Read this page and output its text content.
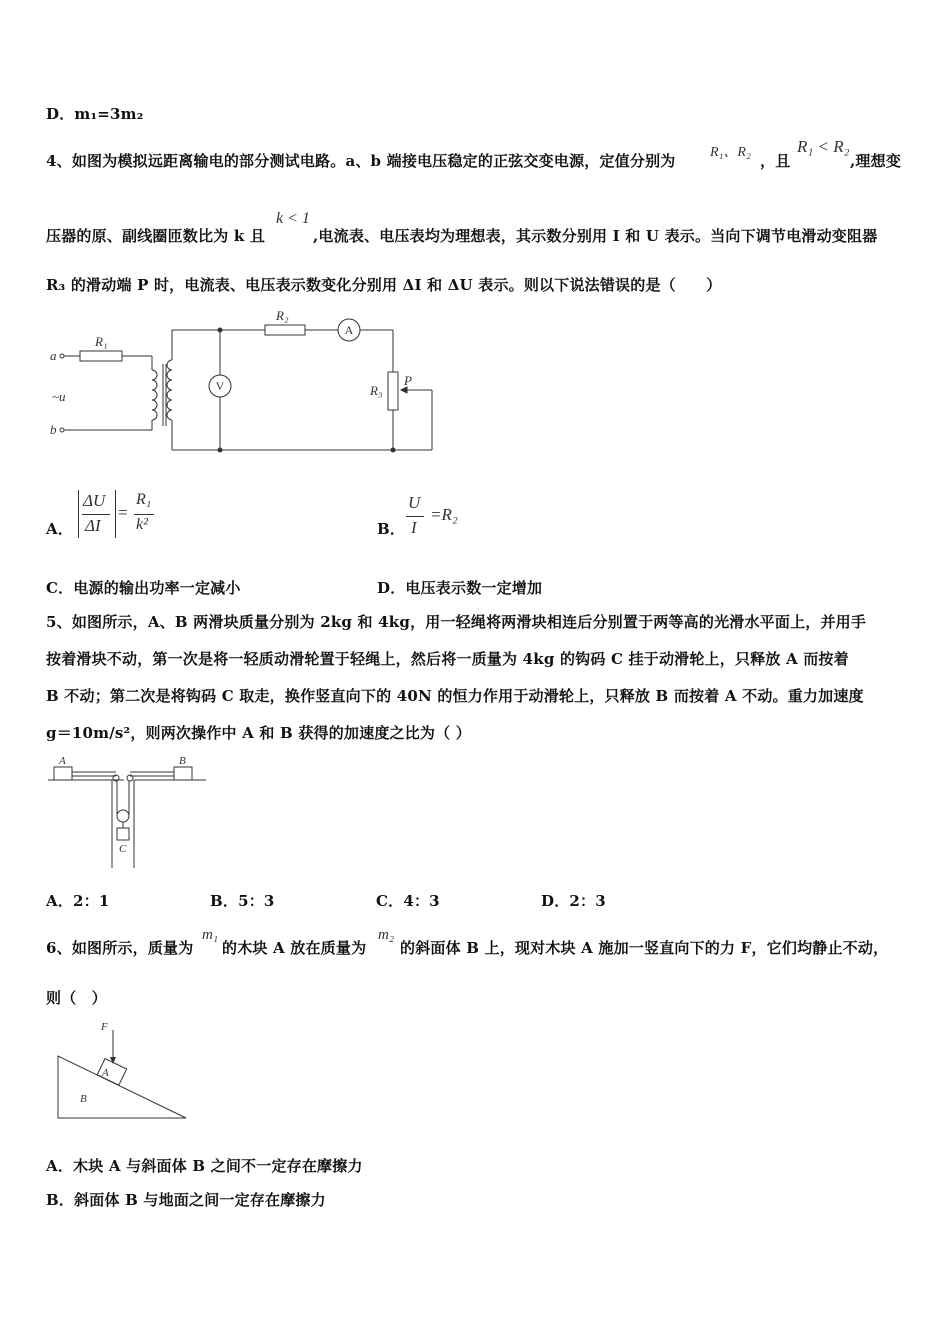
D．m₁=3m₂
4、如图为模拟远距离输电的部分测试电路。a、b 端接电压稳定的正弦交变电源，定值分别为 R₁、R₂ ，且
R₁ < R₂
,理想变
压器的原、副线圈匝数比为 k 且
k < 1
,电流表、电压表均为理想表，其示数分别用 I 和 U 表示。当向下调节电滑动变阻器
R₃ 的滑动端 P 时，电流表、电压表示数变化分别用 ΔI 和 ΔU 表示。则以下说法错误的是（　　）
a
~u
b
R₁
R₂
R₃
P
A
V
A．
ΔU
ΔI
=
R₁
k²	B．
U
I
=R₂
C．电源的输出功率一定减小	D．电压表示数一定增加
5、如图所示，A、B 两滑块质量分别为 2kg 和 4kg，用一轻绳将两滑块相连后分别置于两等高的光滑水平面上，并用手
按着滑块不动，第一次是将一轻质动滑轮置于轻绳上，然后将一质量为 4kg 的钩码 C 挂于动滑轮上，只释放 A 而按着
B 不动；第二次是将钩码 C 取走，换作竖直向下的 40N 的恒力作用于动滑轮上，只释放 B 而按着 A 不动。重力加速度
g＝10m/s²，则两次操作中 A 和 B 获得的加速度之比为（ ）
A	B
C
A．2：1	B．5：3	C．4：3	D．2：3
6、如图所示，质量为
m₁
的木块 A 放在质量为
m₂
的斜面体 B 上，现对木块 A 施加一竖直向下的力 F，它们均静止不动，
则（　）
F
A
B
A．木块 A 与斜面体 B 之间不一定存在摩擦力
B．斜面体 B 与地面之间一定存在摩擦力
